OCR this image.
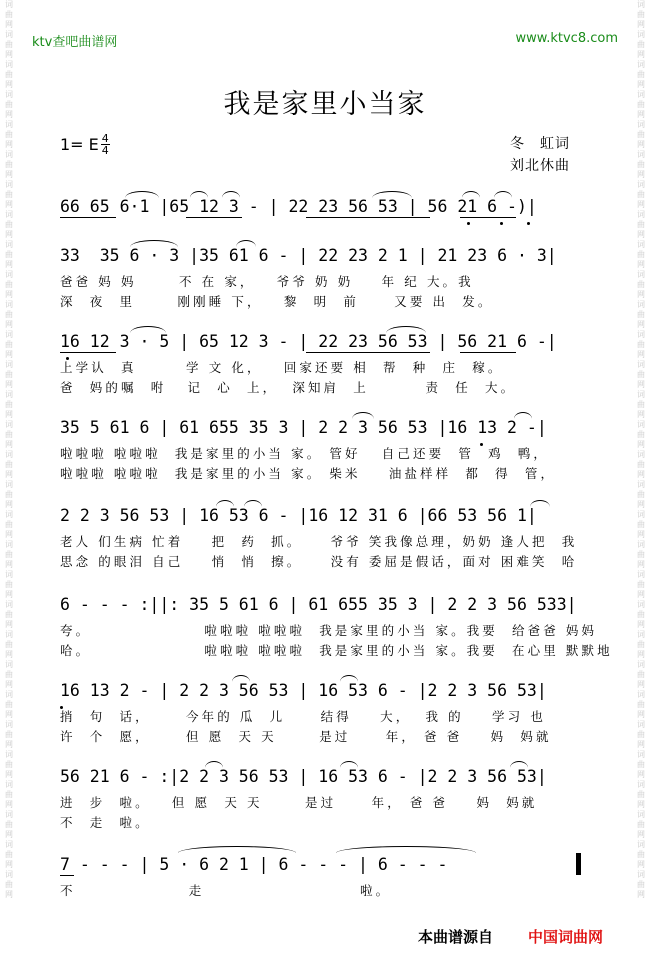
词曲网 词曲网 词曲网 词曲网 词曲网 词曲网 词曲网 词曲网 词曲网 词曲网 词曲网 词曲网 词曲网 词曲网 词曲网 词曲网 词曲网 词曲网 词曲网 词曲网 词曲网 词曲网 词曲网 词曲网 词曲网 词曲网 词曲网 词曲网 词曲网 词曲网
词曲网 词曲网 词曲网 词曲网 词曲网 词曲网 词曲网 词曲网 词曲网 词曲网 词曲网 词曲网 词曲网 词曲网 词曲网 词曲网 词曲网 词曲网 词曲网 词曲网 词曲网 词曲网 词曲网 词曲网 词曲网 词曲网 词曲网 词曲网 词曲网 词曲网
ktv查吧曲谱网	www.ktvc8.com
我是家里小当家
1= E $\frac{4}{4}$	冬　虹词
刘北休曲
66 65 6·1 |65 12 3 - | 22 23 56 53 | 56 21 6 -)|
33  35 6 · 3 |35 61 6 - | 22 23 2 1 | 21 23 6 · 3|
爸爸 妈 妈      不 在 家，   爷爷 奶 奶    年 纪 大。我
深  夜  里      刚刚睡 下，   黎  明  前     又要 出  发。
16 12 3 · 5 | 65 12 3 - | 22 23 56 53 | 56 21 6 -|
上学认  真       学 文 化，   回家还要 相  帮  种  庄  稼。
爸  妈的嘱  咐   记  心  上，  深知肩  上        责  任  大。
35 5 61 6 | 61 655 35 3 | 2 2 3 56 53 |16 13 2 -|
啦啦啦 啦啦啦  我是家里的小当 家。 管好   自己还要  管  鸡  鸭，
啦啦啦 啦啦啦  我是家里的小当 家。 柴米    油盐样样  都  得  管，
2 2 3 56 53 | 16 53 6 - |16 12 31 6 |66 53 56 1|
老人 们生病 忙着    把  药  抓。    爷爷 笑我像总理，奶奶 逢人把  我
思念 的眼泪 自己    悄  悄  擦。    没有 委屈是假话，面对 困难笑  哈
6 - - - :||: 35 5 61 6 | 61 655 35 3 | 2 2 3 56 533|
夸。                啦啦啦 啦啦啦  我是家里的小当 家。我要  给爸爸 妈妈
哈。                啦啦啦 啦啦啦  我是家里的小当 家。我要  在心里 默默地
16 13 2 - | 2 2 3 56 53 | 16 53 6 - |2 2 3 56 53|
捎  句  话，     今年的 瓜  儿     结得    大，  我 的    学习 也
许  个  愿，     但 愿  天 天      是过     年， 爸 爸    妈  妈就
56 21 6 - :|2 2 3 56 53 | 16 53 6 - |2 2 3 56 53|
进  步  啦。   但 愿  天 天      是过     年， 爸 爸    妈  妈就
不  走  啦。
7 - - - | 5 · 6 2 1 | 6 - - - | 6 - - -
不                走                      啦。
本曲谱源自 中国词曲网
